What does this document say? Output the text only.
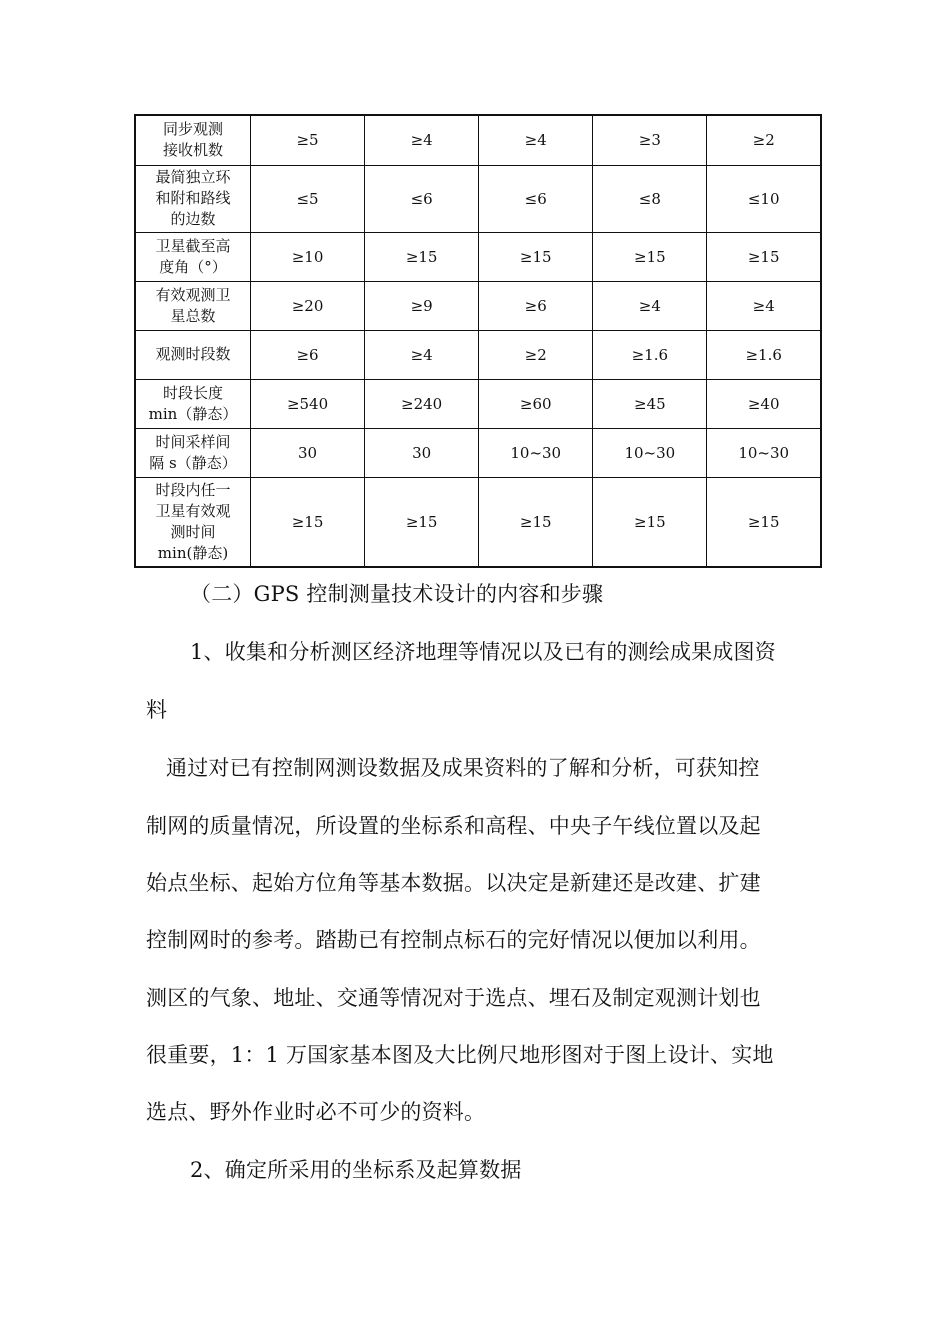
同步观测
接收机数	≥5	≥4	≥4	≥3	≥2
最简独立环
和附和路线
的边数	≤5	≤6	≤6	≤8	≤10
卫星截至高
度角（°）	≥10	≥15	≥15	≥15	≥15
有效观测卫
星总数	≥20	≥9	≥6	≥4	≥4
观测时段数	≥6	≥4	≥2	≥1.6	≥1.6
时段长度
min（静态）	≥540	≥240	≥60	≥45	≥40
时间采样间
隔 s（静态）	30	30	10~30	10~30	10~30
时段内任一
卫星有效观
测时间
min(静态)	≥15	≥15	≥15	≥15	≥15

（二）GPS 控制测量技术设计的内容和步骤

1、收集和分析测区经济地理等情况以及已有的测绘成果成图资

料

通过对已有控制网测设数据及成果资料的了解和分析，可获知控

制网的质量情况，所设置的坐标系和高程、中央子午线位置以及起

始点坐标、起始方位角等基本数据。以决定是新建还是改建、扩建

控制网时的参考。踏勘已有控制点标石的完好情况以便加以利用。

测区的气象、地址、交通等情况对于选点、埋石及制定观测计划也

很重要，1：1 万国家基本图及大比例尺地形图对于图上设计、实地

选点、野外作业时必不可少的资料。

2、确定所采用的坐标系及起算数据
